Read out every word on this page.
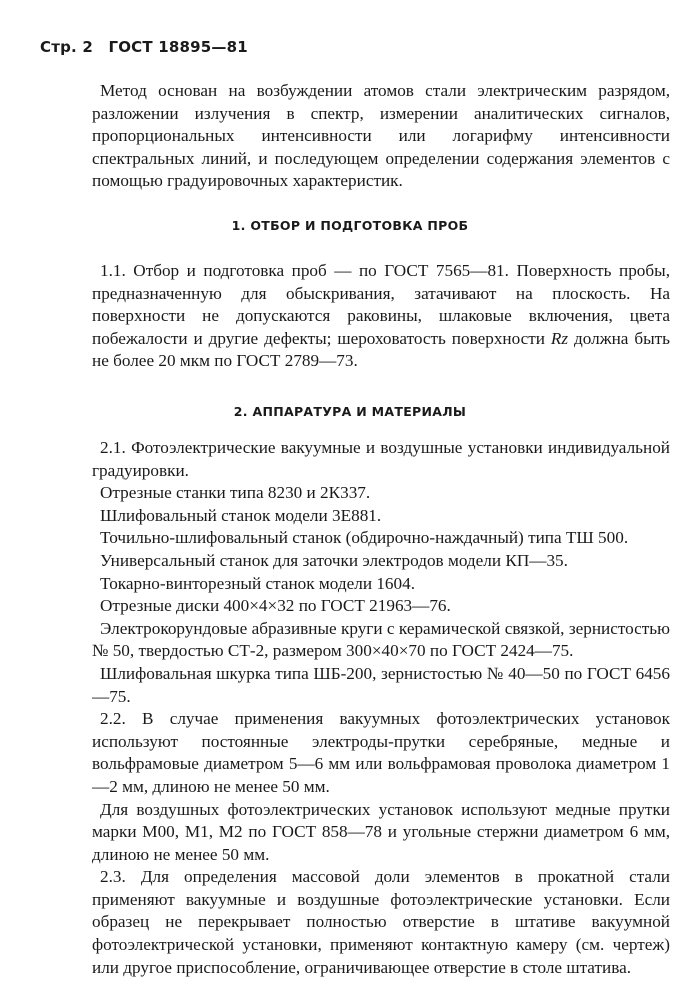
Стр. 2 ГОСТ 18895—81

Метод основан на возбуждении атомов стали электрическим разрядом, разложении излучения в спектр, измерении аналитических сигналов, пропорциональных интенсивности или логарифму интенсивности спектральных линий, и последующем определении содержания элементов с помощью градуировочных характеристик.

1. ОТБОР И ПОДГОТОВКА ПРОБ

1.1. Отбор и подготовка проб — по ГОСТ 7565—81. Поверхность пробы, предназначенную для обыскривания, затачивают на плоскость. На поверхности не допускаются раковины, шлаковые включения, цвета побежалости и другие дефекты; шероховатость поверхности Rz должна быть не более 20 мкм по ГОСТ 2789—73.

2. АППАРАТУРА И МАТЕРИАЛЫ

2.1. Фотоэлектрические вакуумные и воздушные установки индивидуальной градуировки.

Отрезные станки типа 8230 и 2К337.

Шлифовальный станок модели 3Е881.

Точильно-шлифовальный станок (обдирочно-наждачный) типа ТШ 500.

Универсальный станок для заточки электродов модели КП—35.

Токарно-винторезный станок модели 1604.

Отрезные диски 400×4×32 по ГОСТ 21963—76.

Электрокорундовые абразивные круги с керамической связкой, зернистостью № 50, твердостью СТ-2, размером 300×40×70 по ГОСТ 2424—75.

Шлифовальная шкурка типа ШБ-200, зернистостью № 40—50 по ГОСТ 6456—75.

2.2. В случае применения вакуумных фотоэлектрических установок используют постоянные электроды-прутки серебряные, медные и вольфрамовые диаметром 5—6 мм или вольфрамовая проволока диаметром 1—2 мм, длиною не менее 50 мм.

Для воздушных фотоэлектрических установок используют медные прутки марки М00, М1, М2 по ГОСТ 858—78 и угольные стержни диаметром 6 мм, длиною не менее 50 мм.

2.3. Для определения массовой доли элементов в прокатной стали применяют вакуумные и воздушные фотоэлектрические установки. Если образец не перекрывает полностью отверстие в штативе вакуумной фотоэлектрической установки, применяют контактную камеру (см. чертеж) или другое приспособление, ограничивающее отверстие в столе штатива.
